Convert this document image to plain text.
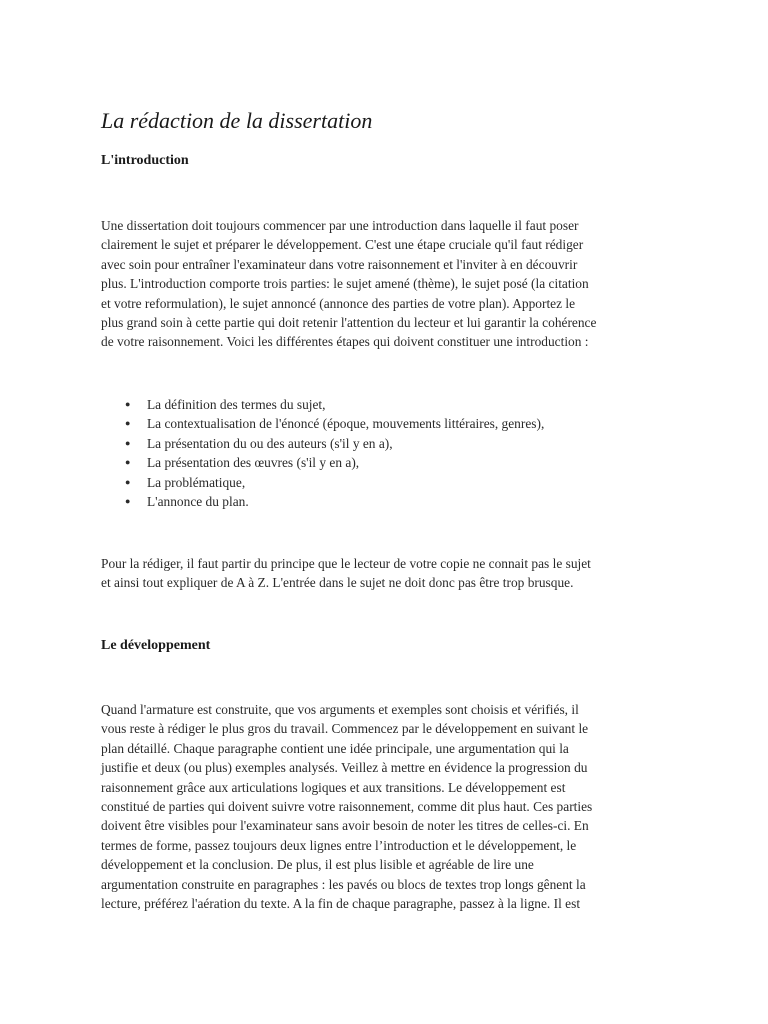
La rédaction de la dissertation
L'introduction

Une dissertation doit toujours commencer par une introduction dans laquelle il faut poser
clairement le sujet et préparer le développement. C'est une étape cruciale qu'il faut rédiger
avec soin pour entraîner l'examinateur dans votre raisonnement et l'inviter à en découvrir
plus. L'introduction comporte trois parties: le sujet amené (thème), le sujet posé (la citation
et votre reformulation), le sujet annoncé (annonce des parties de votre plan). Apportez le
plus grand soin à cette partie qui doit retenir l'attention du lecteur et lui garantir la cohérence
de votre raisonnement. Voici les différentes étapes qui doivent constituer une introduction :

● La définition des termes du sujet,
● La contextualisation de l'énoncé (époque, mouvements littéraires, genres),
● La présentation du ou des auteurs (s'il y en a),
● La présentation des œuvres (s'il y en a),
● La problématique,
● L'annonce du plan.

Pour la rédiger, il faut partir du principe que le lecteur de votre copie ne connait pas le sujet
et ainsi tout expliquer de A à Z. L'entrée dans le sujet ne doit donc pas être trop brusque.

Le développement

Quand l'armature est construite, que vos arguments et exemples sont choisis et vérifiés, il
vous reste à rédiger le plus gros du travail. Commencez par le développement en suivant le
plan détaillé. Chaque paragraphe contient une idée principale, une argumentation qui la
justifie et deux (ou plus) exemples analysés. Veillez à mettre en évidence la progression du
raisonnement grâce aux articulations logiques et aux transitions. Le développement est
constitué de parties qui doivent suivre votre raisonnement, comme dit plus haut. Ces parties
doivent être visibles pour l'examinateur sans avoir besoin de noter les titres de celles-ci. En
termes de forme, passez toujours deux lignes entre l’introduction et le développement, le
développement et la conclusion. De plus, il est plus lisible et agréable de lire une
argumentation construite en paragraphes : les pavés ou blocs de textes trop longs gênent la
lecture, préférez l'aération du texte. A la fin de chaque paragraphe, passez à la ligne. Il est
